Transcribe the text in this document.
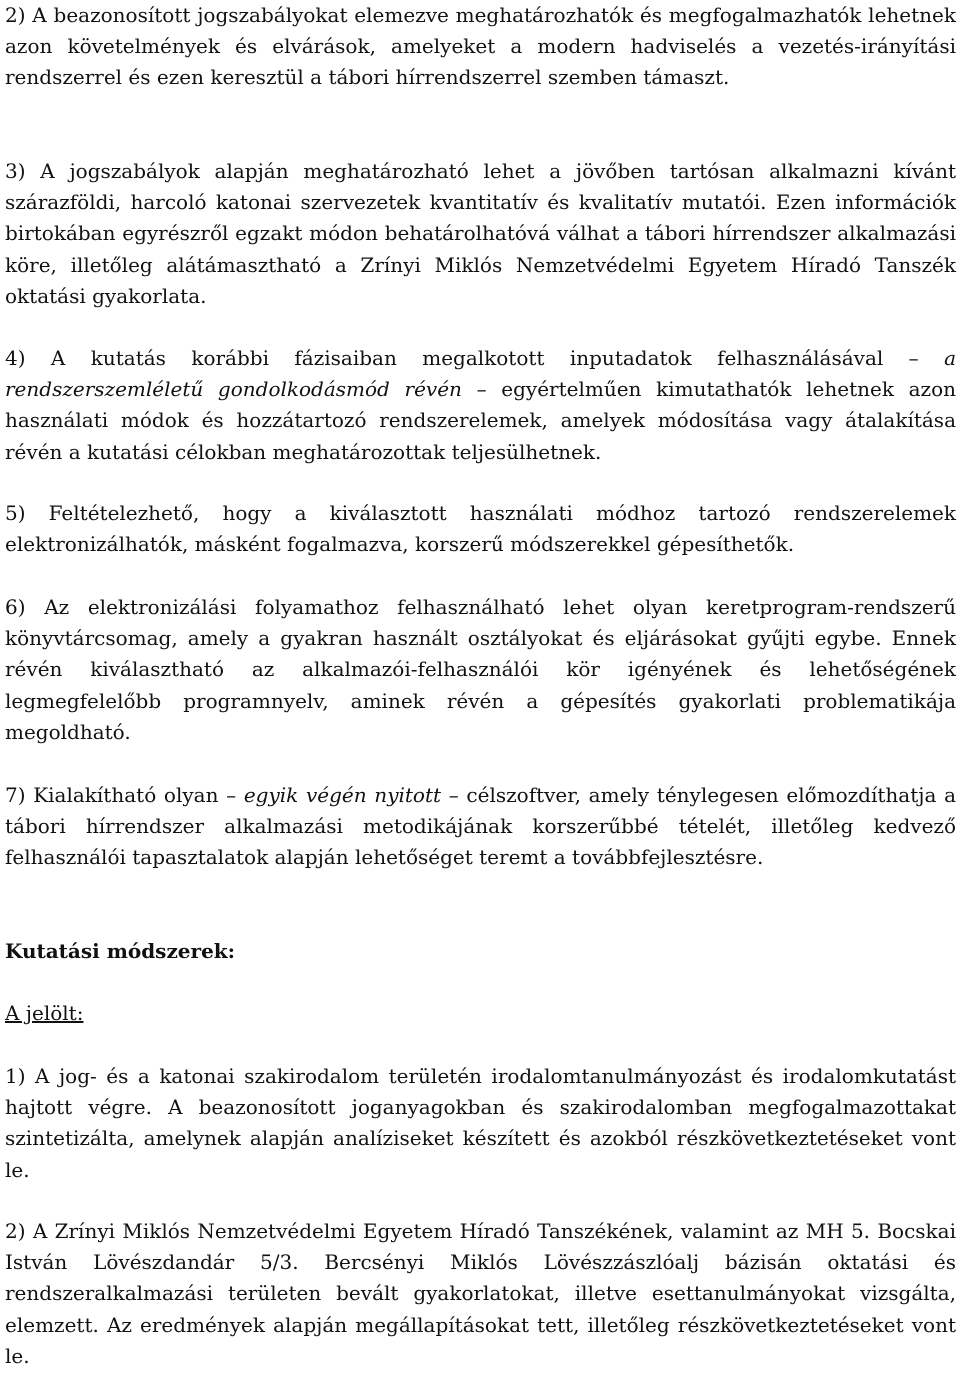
2) A beazonosított jogszabályokat elemezve meghatározhatók és megfogalmazhatók lehetnek azon követelmények és elvárások, amelyeket a modern hadviselés a vezetés-irányítási rendszerrel és ezen keresztül a tábori hírrendszerrel szemben támaszt.

3) A jogszabályok alapján meghatározható lehet a jövőben tartósan alkalmazni kívánt szárazföldi, harcoló katonai szervezetek kvantitatív és kvalitatív mutatói. Ezen információk birtokában egyrészről egzakt módon behatárolhatóvá válhat a tábori hírrendszer alkalmazási köre, illetőleg alátámasztható a Zrínyi Miklós Nemzetvédelmi Egyetem Híradó Tanszék oktatási gyakorlata.

4) A kutatás korábbi fázisaiban megalkotott inputadatok felhasználásával – a rendszerszemléletű gondolkodásmód révén – egyértelműen kimutathatók lehetnek azon használati módok és hozzátartozó rendszerelemek, amelyek módosítása vagy átalakítása révén a kutatási célokban meghatározottak teljesülhetnek.

5) Feltételezhető, hogy a kiválasztott használati módhoz tartozó rendszerelemek elektronizálhatók, másként fogalmazva, korszerű módszerekkel gépesíthetők.

6) Az elektronizálási folyamathoz felhasználható lehet olyan keretprogram-rendszerű könyvtárcsomag, amely a gyakran használt osztályokat és eljárásokat gyűjti egybe. Ennek révén kiválasztható az alkalmazói-felhasználói kör igényének és lehetőségének legmegfelelőbb programnyelv, aminek révén a gépesítés gyakorlati problematikája megoldható.

7) Kialakítható olyan – egyik végén nyitott – célszoftver, amely ténylegesen előmozdíthatja a tábori hírrendszer alkalmazási metodikájának korszerűbbé tételét, illetőleg kedvező felhasználói tapasztalatok alapján lehetőséget teremt a továbbfejlesztésre.

Kutatási módszerek:
A jelölt:

1) A jog- és a katonai szakirodalom területén irodalomtanulmányozást és irodalomkutatást hajtott végre. A beazonosított joganyagokban és szakirodalomban megfogalmazottakat szintetizálta, amelynek alapján analíziseket készített és azokból részkövetkeztetéseket vont le.

2) A Zrínyi Miklós Nemzetvédelmi Egyetem Híradó Tanszékének, valamint az MH 5. Bocskai István Lövészdandár 5/3. Bercsényi Miklós Lövészzászlóalj bázisán oktatási és rendszeralkalmazási területen bevált gyakorlatokat, illetve esettanulmányokat vizsgálta, elemzett. Az eredmények alapján megállapításokat tett, illetőleg részkövetkeztetéseket vont le.
